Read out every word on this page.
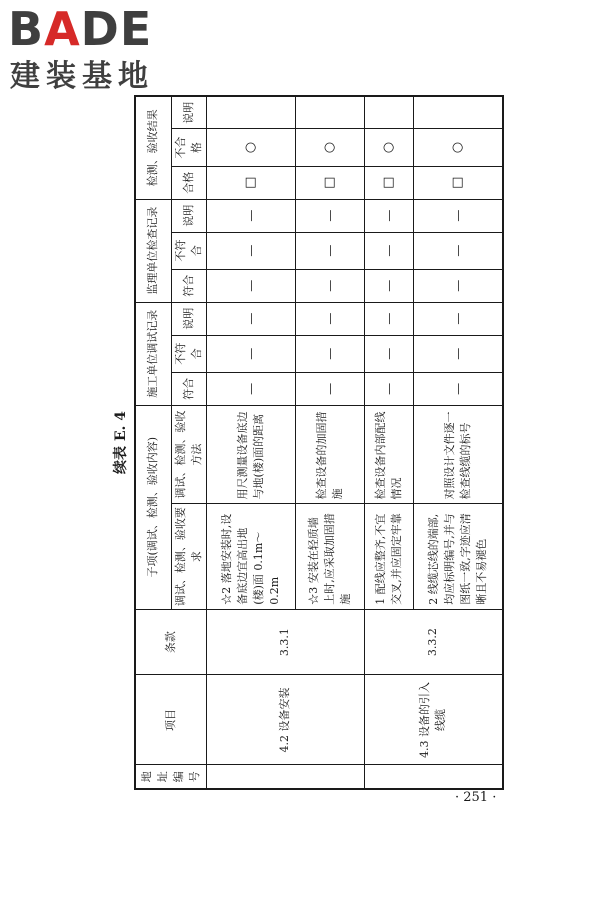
BADE
建装基地
续表 E. 4
地址编号	项目	条款	子项(调试、检测、验收内容)		施工单位调试记录			监理单位检查记录			检测、验收结果		
			调试、检测、验收要求	调试、检测、验收方法									
					符合	不符合	说明	符合	不符合	说明	合格	不合格	说明
	4.2 设备安装	3.3.1	☆2 落地安装时,设备底边宜高出地(楼)面 0.1m～0.2m	用尺测量设备底边与地(楼)面的距离	—	—	—	—	—	—	□	○	
			☆3 安装在轻质墙上时,应采取加固措施	检查设备的加固措施	—	—	—	—	—	—	□	○	
	4.3 设备的引入线缆	3.3.2	1 配线应整齐,不宜交叉,并应固定牢靠	检查设备内部配线情况	—	—	—	—	—	—	□	○	
			2 线缆芯线的端部,均应标明编号,并与图纸一致,字迹应清晰且不易褪色	对照设计文件逐一检查线缆的标号	—	—	—	—	—	—	□	○	
· 251 ·
